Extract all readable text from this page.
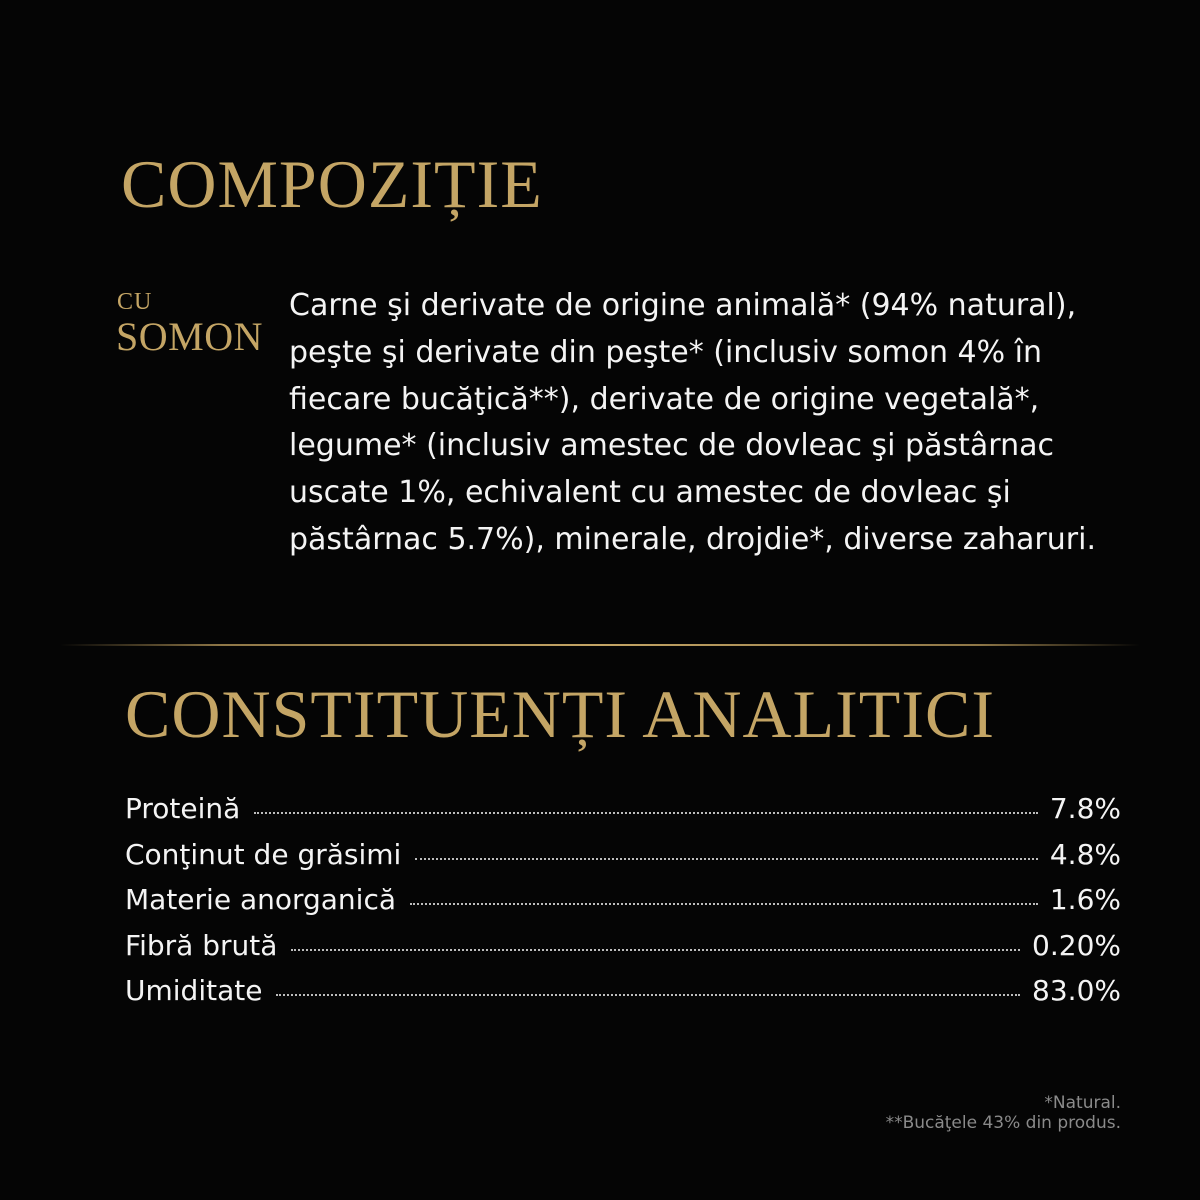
COMPOZIȚIE
CU
SOMON

Carne şi derivate de origine animală* (94% natural), peşte şi derivate din peşte* (inclusiv somon 4% în fiecare bucăţică**), derivate de origine vegetală*, legume* (inclusiv amestec de dovleac şi păstârnac uscate 1%, echivalent cu amestec de dovleac şi păstârnac 5.7%), minerale, drojdie*, diverse zaharuri.

CONSTITUENȚI ANALITICI
Proteină	7.8%
Conţinut de grăsimi	4.8%
Materie anorganică	1.6%
Fibră brută	0.20%
Umiditate	83.0%
*Natural.
**Bucăţele 43% din produs.
